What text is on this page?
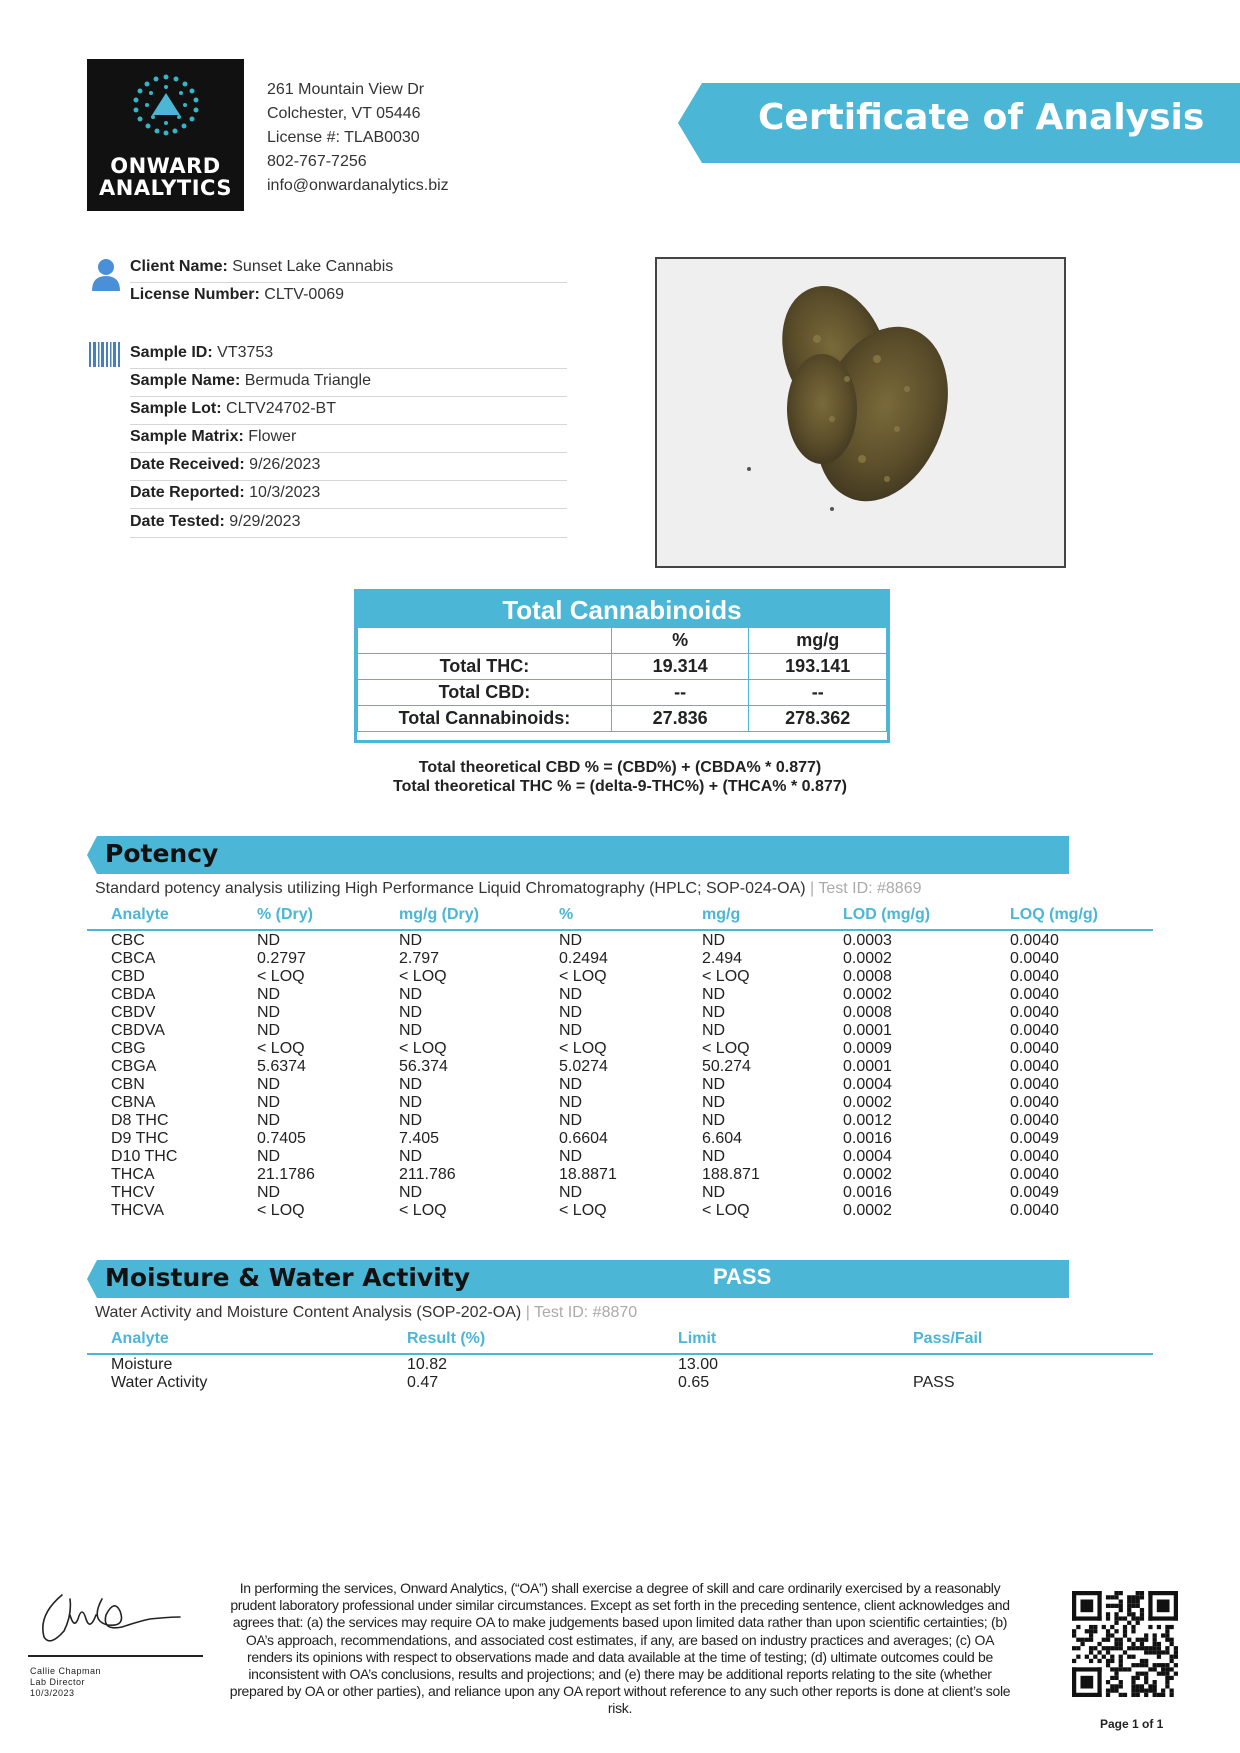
ONWARD
ANALYTICS
261 Mountain View Dr
Colchester, VT 05446
License #: TLAB0030
802-767-7256
info@onwardanalytics.biz
Certificate of Analysis
Client Name: Sunset Lake Cannabis
License Number: CLTV-0069
Sample ID: VT3753
Sample Name: Bermuda Triangle
Sample Lot: CLTV24702-BT
Sample Matrix: Flower
Date Received: 9/26/2023
Date Reported: 10/3/2023
Date Tested: 9/29/2023
Total Cannabinoids
	%	mg/g
Total THC:	19.314	193.141
Total CBD:	--	--
Total Cannabinoids:	27.836	278.362
Total theoretical CBD % = (CBD%) + (CBDA% * 0.877)
Total theoretical THC % = (delta-9-THC%) + (THCA% * 0.877)
Potency
Standard potency analysis utilizing High Performance Liquid Chromatography (HPLC; SOP-024-OA) | Test ID: #8869
Analyte	% (Dry)	mg/g (Dry)	%	mg/g	LOD (mg/g)	LOQ (mg/g)
CBC	ND	ND	ND	ND	0.0003	0.0040
CBCA	0.2797	2.797	0.2494	2.494	0.0002	0.0040
CBD	< LOQ	< LOQ	< LOQ	< LOQ	0.0008	0.0040
CBDA	ND	ND	ND	ND	0.0002	0.0040
CBDV	ND	ND	ND	ND	0.0008	0.0040
CBDVA	ND	ND	ND	ND	0.0001	0.0040
CBG	< LOQ	< LOQ	< LOQ	< LOQ	0.0009	0.0040
CBGA	5.6374	56.374	5.0274	50.274	0.0001	0.0040
CBN	ND	ND	ND	ND	0.0004	0.0040
CBNA	ND	ND	ND	ND	0.0002	0.0040
D8 THC	ND	ND	ND	ND	0.0012	0.0040
D9 THC	0.7405	7.405	0.6604	6.604	0.0016	0.0049
D10 THC	ND	ND	ND	ND	0.0004	0.0040
THCA	21.1786	211.786	18.8871	188.871	0.0002	0.0040
THCV	ND	ND	ND	ND	0.0016	0.0049
THCVA	< LOQ	< LOQ	< LOQ	< LOQ	0.0002	0.0040
Moisture & Water Activity	PASS
Water Activity and Moisture Content Analysis (SOP-202-OA) | Test ID: #8870
Analyte	Result (%)	Limit	Pass/Fail
Moisture	10.82	13.00
Water Activity	0.47	0.65	PASS
Callie Chapman
Lab Director
10/3/2023
In performing the services, Onward Analytics, (“OA”) shall exercise a degree of skill and care ordinarily exercised by a reasonably prudent laboratory professional under similar circumstances. Except as set forth in the preceding sentence, client acknowledges and agrees that: (a) the services may require OA to make judgements based upon limited data rather than upon scientific certainties; (b) OA’s approach, recommendations, and associated cost estimates, if any, are based on industry practices and averages; (c) OA renders its opinions with respect to observations made and data available at the time of testing; (d) ultimate outcomes could be inconsistent with OA’s conclusions, results and projections; and (e) there may be additional reports relating to the site (whether prepared by OA or other parties), and reliance upon any OA report without reference to any such other reports is done at client’s sole risk.
Page 1 of 1
